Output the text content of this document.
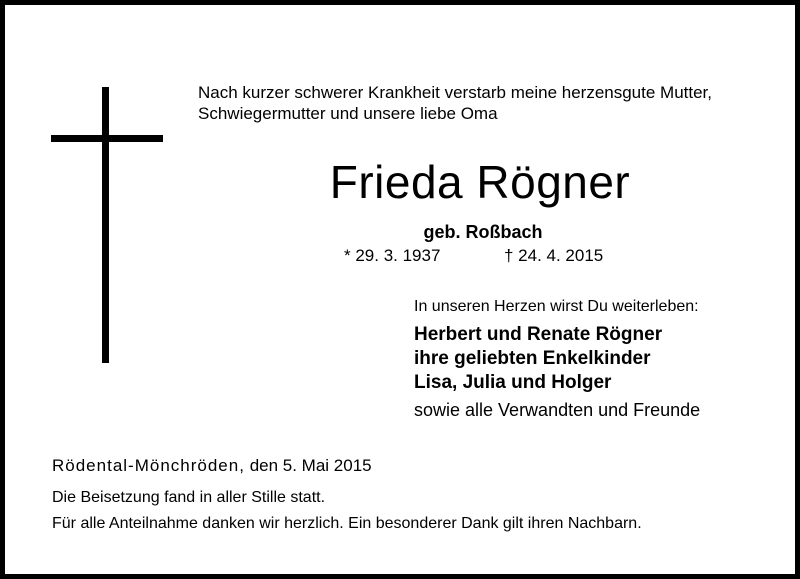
Nach kurzer schwerer Krankheit verstarb meine herzensgute Mutter,
Schwiegermutter und unsere liebe Oma
Frieda Rögner
geb. Roßbach
* 29. 3. 1937	† 24. 4. 2015
In unseren Herzen wirst Du weiterleben:
Herbert und Renate Rögner
ihre geliebten Enkelkinder
Lisa, Julia und Holger
sowie alle Verwandten und Freunde
Rödental-Mönchröden, den 5. Mai 2015
Die Beisetzung fand in aller Stille statt.
Für alle Anteilnahme danken wir herzlich. Ein besonderer Dank gilt ihren Nachbarn.
